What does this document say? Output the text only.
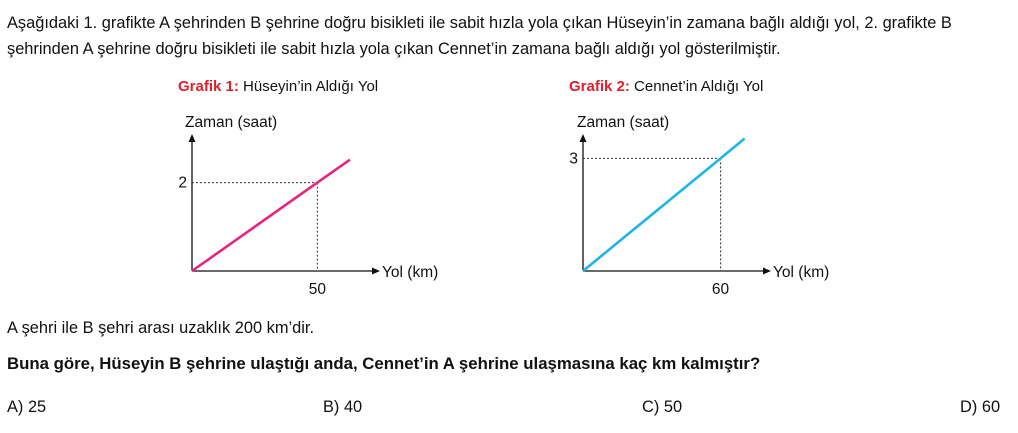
Aşağıdaki 1. grafikte A şehrinden B şehrine doğru bisikleti ile sabit hızla yola çıkan Hüseyin’in zamana bağlı aldığı yol, 2. grafikte B şehrinden A şehrine doğru bisikleti ile sabit hızla yola çıkan Cennet’in zamana bağlı aldığı yol gösterilmiştir.

Grafik 1: Hüseyin’in Aldığı Yol
Zaman (saat)
Yol (km)
50
2
Grafik 2: Cennet’in Aldığı Yol
Zaman (saat)
Yol (km)
60
3

A şehri ile B şehri arası uzaklık 200 km’dir.

Buna göre, Hüseyin B şehrine ulaştığı anda, Cennet’in A şehrine ulaşmasına kaç km kalmıştır?

A) 25	B) 40	C) 50	D) 60
